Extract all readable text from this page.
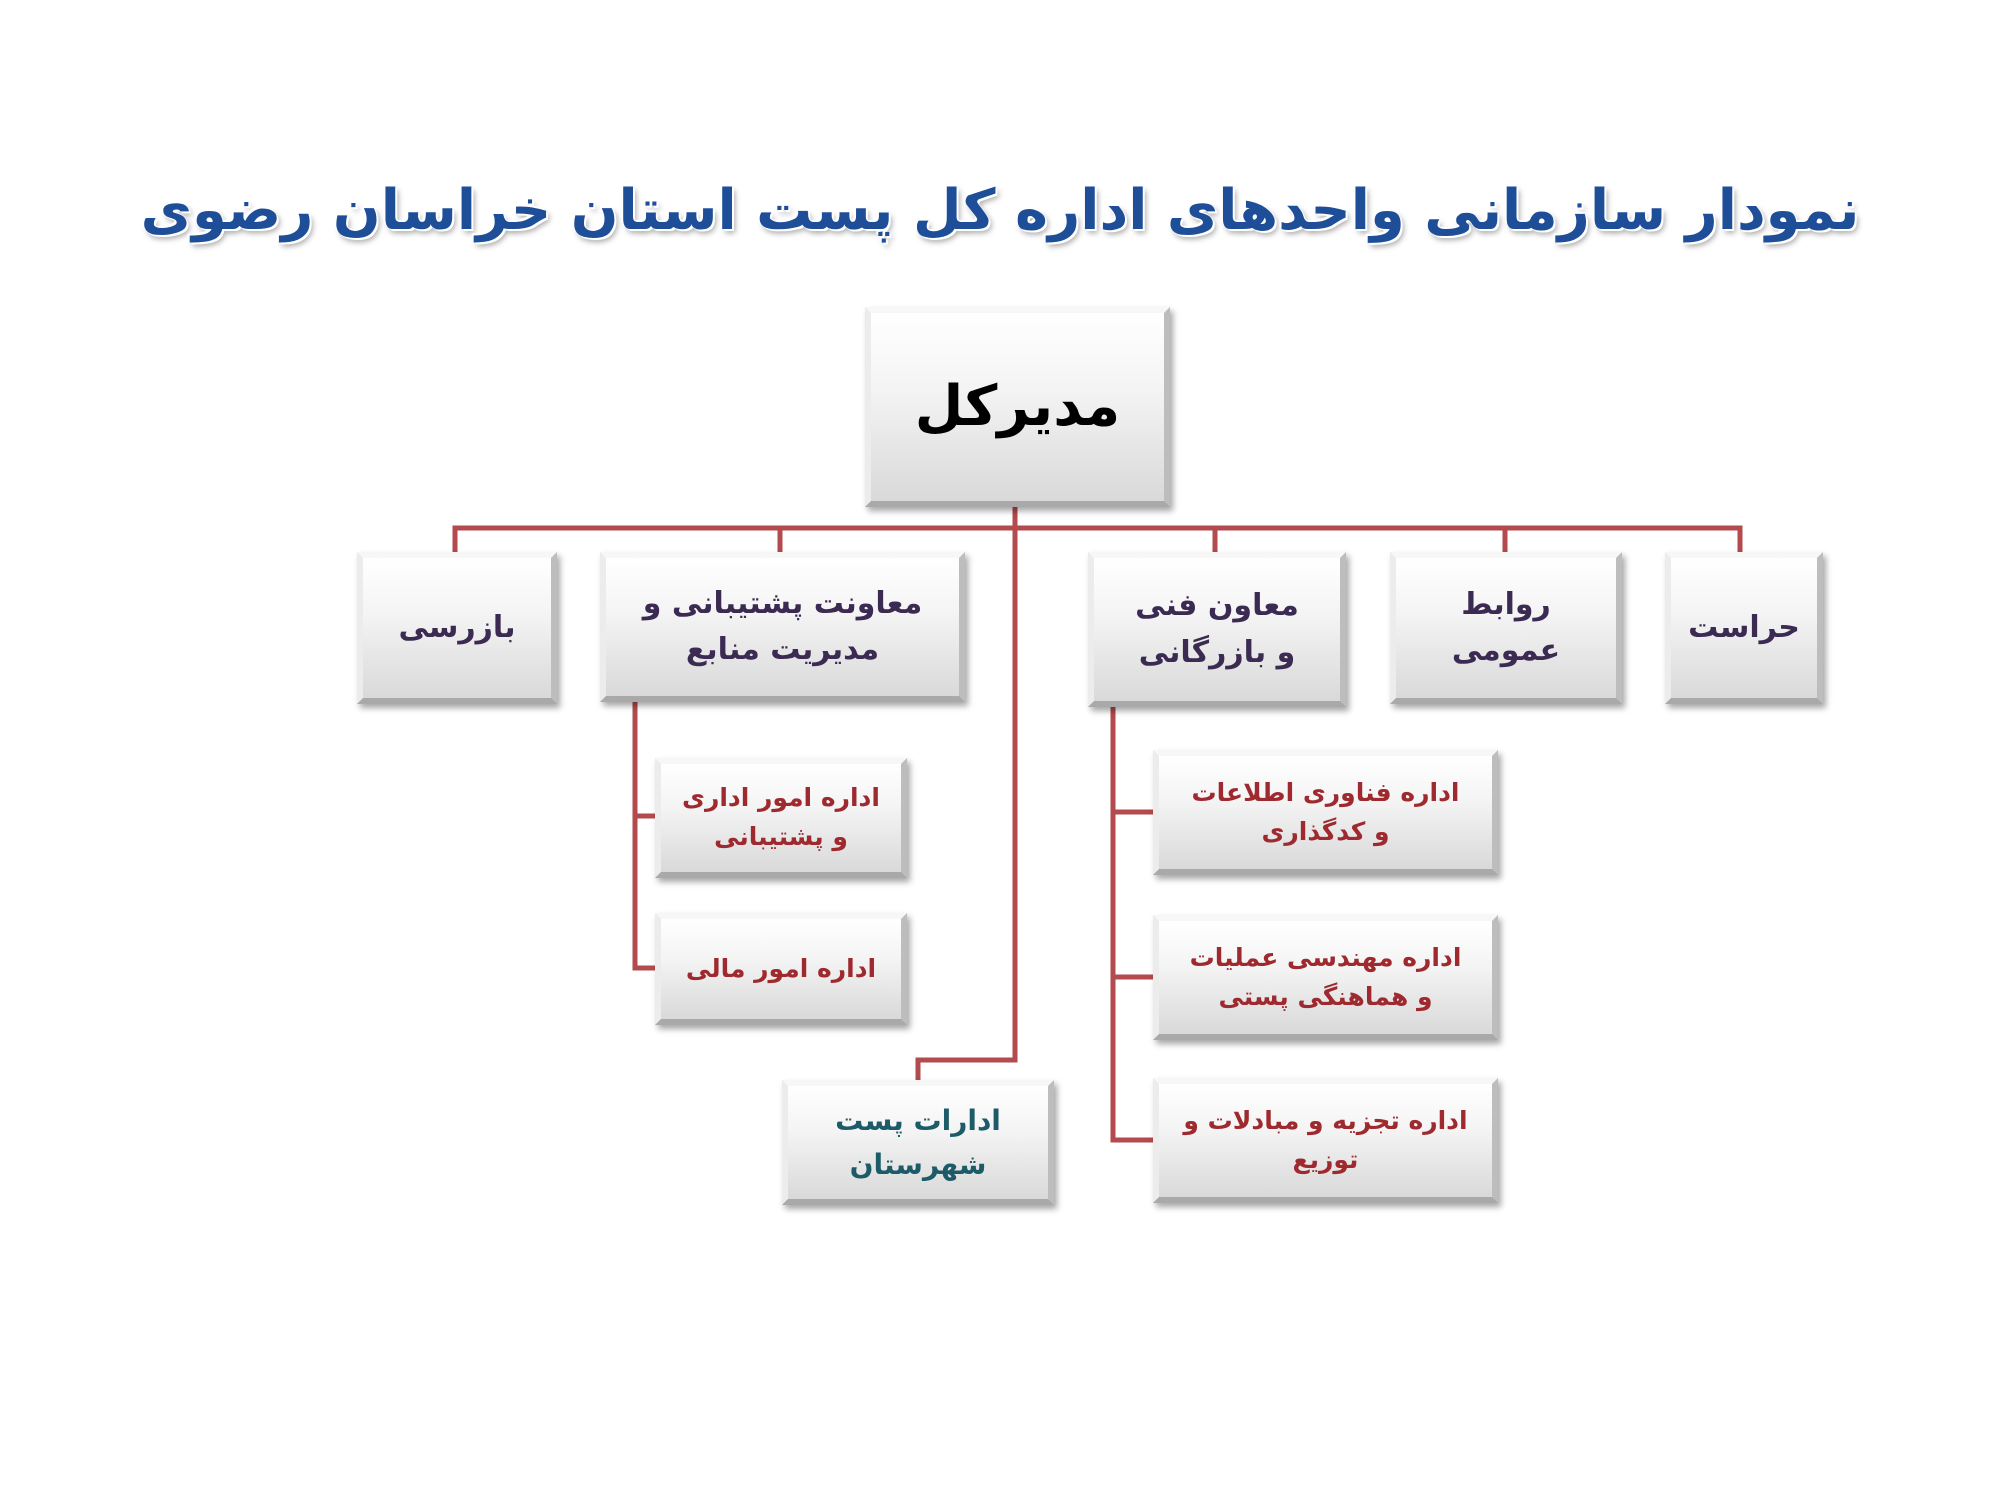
نمودار سازمانی واحدهای اداره کل پست استان خراسان رضوی
مدیرکل
حراست
روابط عمومی
معاون فنی و بازرگانی
معاونت پشتیبانی و مدیریت منابع
بازرسی
اداره فناوری اطلاعات و کدگذاری
اداره مهندسی عملیات و هماهنگی پستی
اداره تجزیه و مبادلات و توزیع
اداره امور اداری و پشتیبانی
اداره امور مالی
ادارات پست شهرستان
